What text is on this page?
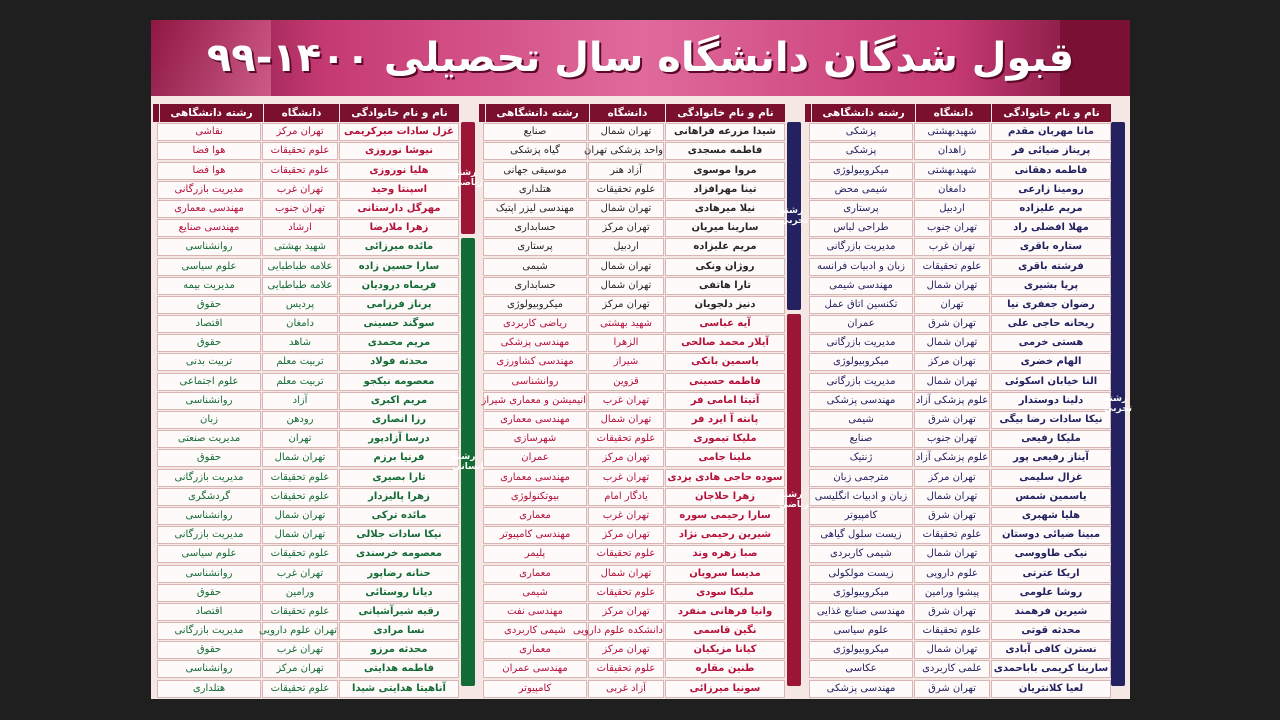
قبول شدگان دانشگاه سال تحصیلی ۱۴۰۰-۹۹
نام و نام خانوادگی
دانشگاه
رشته دانشگاهی
مانا مهربان مقدم
شهیدبهشتی
پزشکی
پریناز ضیائی فر
زاهدان
پزشکی
فاطمه دهقانی
شهیدبهشتی
میکروبیولوژی
رومینا زارعی
دامغان
شیمی محض
مریم علیزاده
اردبیل
پرستاری
مهلا افضلی راد
تهران جنوب
طراحی لباس
ستاره باقری
تهران غرب
مدیریت بازرگانی
فرشته باقری
علوم تحقیقات
زبان و ادبیات فرانسه
پریا بشیری
تهران شمال
مهندسی شیمی
رضوان جعفری نیا
تهران
تکنسین اتاق عمل
ریحانه حاجی علی
تهران شرق
عمران
هستی خرمی
تهران شمال
مدیریت بازرگانی
الهام خضری
تهران مرکز
میکروبیولوژی
النا خیابان اسکوئی
تهران شمال
مدیریت بازرگانی
دلینا دوستدار
علوم پزشکی آزاد
مهندسی پزشکی
نیکا سادات رضا بیگی
تهران شرق
شیمی
ملیکا رفیعی
تهران جنوب
صنایع
آیناز رفیعی پور
علوم پزشکی آزاد
ژنتیک
غزال سلیمی
تهران مرکز
مترجمی زبان
یاسمین شمس
تهران شمال
زبان و ادبیات انگلیسی
هلیا شهبری
تهران شرق
کامپیوتر
مبینا ضیائی دوستان
علوم تحقیقات
زیست سلول گیاهی
نیکی طاووسی
تهران شمال
شیمی کاربردی
اریکا عترتی
علوم دارویی
زیست مولکولی
روشا علومی
پیشوا ورامین
میکروبیولوژی
شیرین فرهمند
تهران شرق
مهندسی صنایع غذایی
محدثه قوتی
علوم تحقیقات
علوم سیاسی
نسترن کافی آبادی
تهران شمال
میکروبیولوژی
سارینا کریمی باباحمدی
علمی کاربردی
عکاسی
لعیا کلانتریان
تهران شرق
مهندسی پزشکی
نام و نام خانوادگی
دانشگاه
رشته دانشگاهی
شیدا مزرعه فراهانی
تهران شمال
صنایع
فاطمه مسجدی
واحد پزشکی تهران
گیاه پزشکی
مروا موسوی
آزاد هنر
موسیقی جهانی
تینا مهرافزاد
علوم تحقیقات
هتلداری
نیلا میرهادی
تهران شمال
مهندسی لیزر اپتیک
سارینا میریان
تهران مرکز
حسابداری
مریم علیزاده
اردبیل
پرستاری
روژان ونکی
تهران شمال
شیمی
تارا هاتفی
تهران شمال
حسابداری
دنیز دلجویان
تهران مرکز
میکروبیولوژی
آیه عباسی
شهید بهشتی
ریاضی کاربردی
آیلار محمد صالحی
الزهرا
مهندسی پزشکی
یاسمین بانکی
شیراز
مهندسی کشاورزی
فاطمه حسینی
قزوین
روانشناسی
آتیتا امامی فر
تهران غرب
انیمیشن و معماری شیراز
پانته آ ایزد فر
تهران شمال
مهندسی معماری
ملیکا تیموری
علوم تحقیقات
شهرسازی
ملینا جامی
تهران مرکز
عمران
سوده حاجی هادی یزدی
تهران غرب
مهندسی معماری
زهرا حلاجان
یادگار امام
بیوتکنولوژی
سارا رحیمی سوره
تهران غرب
معماری
شیرین رحیمی نژاد
تهران مرکز
مهندسی کامپیوتر
صبا زهره وند
علوم تحقیقات
پلیمر
مدیسا سرویان
تهران شمال
معماری
ملیکا سودی
علوم تحقیقات
شیمی
وانیا فرهانی منفرد
تهران مرکز
مهندسی نفت
نگین قاسمی
دانشکده علوم دارویی
شیمی کاربردی
کیانا مزیکیان
تهران مرکز
معماری
طنین مقاره
علوم تحقیقات
مهندسی عمران
سونیا میرزائی
آزاد غربی
کامپیوتر
نام و نام خانوادگی
دانشگاه
رشته دانشگاهی
غزل سادات میرکریمی
تهران مرکز
نقاشی
نیوشا نوروزی
علوم تحقیقات
هوا فضا
هلیا نوروزی
علوم تحقیقات
هوا فضا
اسپنتا وحید
تهران غرب
مدیریت بازرگانی
مهرگل دارستانی
تهران جنوب
مهندسی معماری
زهرا ملارضا
ارشاد
مهندسی صنایع
مائده میرزائی
شهید بهشتی
روانشناسی
سارا حسین زاده
علامه طباطبایی
علوم سیاسی
فریماه درودیان
علامه طباطبایی
مدیریت بیمه
پرناز فرزامی
پردیس
حقوق
سوگند حسینی
دامغان
اقتصاد
مریم محمدی
شاهد
حقوق
محدثه فولاد
تربیت معلم
تربیت بدنی
معصومه نیکجو
تربیت معلم
علوم اجتماعی
مریم اکبری
آزاد
روانشناسی
رزا انصاری
رودهن
زبان
درسا آزادپور
تهران
مدیریت صنعتی
فرنیا برزم
تهران شمال
حقوق
تارا بصیری
علوم تحقیقات
مدیریت بازرگانی
زهرا پالیزدار
علوم تحقیقات
گردشگری
مائده ترکی
تهران شمال
روانشناسی
نیکا سادات جلالی
تهران شمال
مدیریت بازرگانی
معصومه خرسندی
علوم تحقیقات
علوم سیاسی
حنانه رضاپور
تهران غرب
روانشناسی
دیانا روستائی
ورامین
حقوق
رقیه شیرآشپانی
علوم تحقیقات
اقتصاد
نسا مرادی
تهران علوم دارویی
مدیریت بازرگانی
محدثه مرزو
تهران غرب
حقوق
فاطمه هدایتی
تهران مرکز
روانشناسی
آناهیتا هدایتی شیدا
علوم تحقیقات
هتلداری
رشته تجربی
رشته تجربی
رشته ریاضی
رشته ریاضی
رشته انسانی
